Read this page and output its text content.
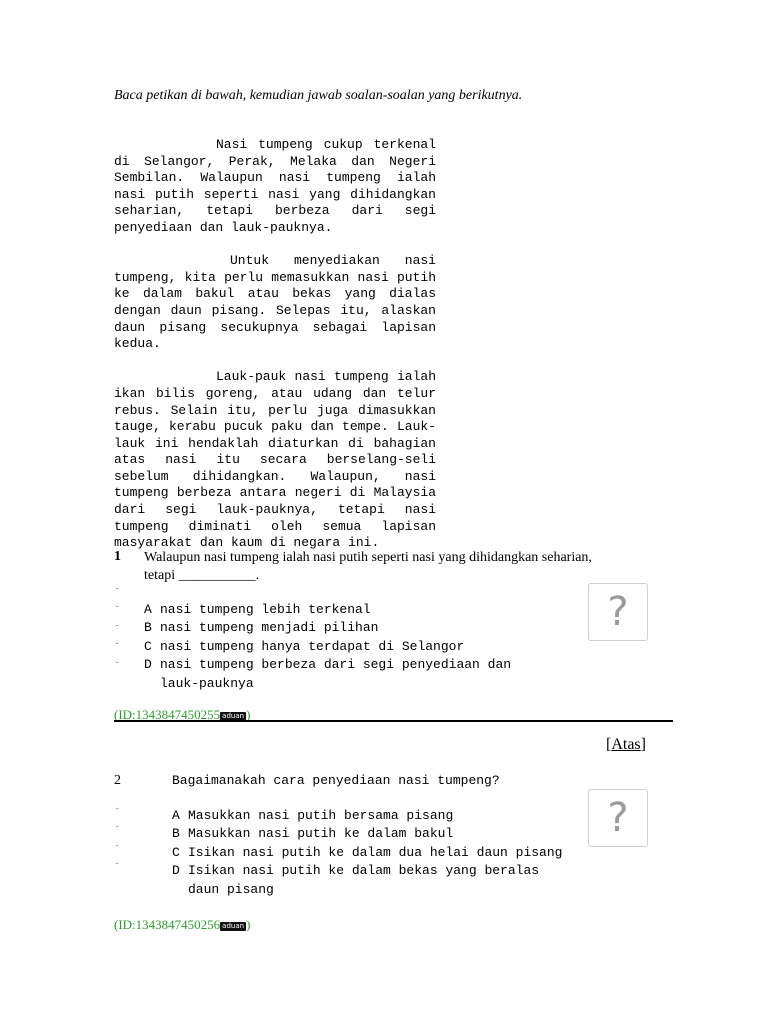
Baca petikan di bawah, kemudian jawab soalan-soalan yang berikutnya.

Nasi tumpeng cukup terkenal di Selangor, Perak, Melaka dan Negeri Sembilan. Walaupun nasi tumpeng ialah nasi putih seperti nasi yang dihidangkan seharian, tetapi berbeza dari segi penyediaan dan lauk-pauknya.

Untuk menyediakan nasi tumpeng, kita perlu memasukkan nasi putih ke dalam bakul atau bekas yang dialas dengan daun pisang. Selepas itu, alaskan daun pisang secukupnya sebagai lapisan kedua.

Lauk-pauk nasi tumpeng ialah ikan bilis goreng, atau udang dan telur rebus. Selain itu, perlu juga dimasukkan tauge, kerabu pucuk paku dan tempe. Lauk-lauk ini hendaklah diaturkan di bahagian atas nasi itu secara berselang-seli sebelum dihidangkan. Walaupun, nasi tumpeng berbeza antara negeri di Malaysia dari segi lauk-pauknya, tetapi nasi tumpeng diminati oleh semua lapisan masyarakat dan kaum di negara ini.

1 Walaupun nasi tumpeng ialah nasi putih seperti nasi yang dihidangkan seharian,
tetapi ___________.
.
.
.
.
.
A nasi tumpeng lebih terkenal
B nasi tumpeng menjadi pilihan
C nasi tumpeng hanya terdapat di Selangor
D nasi tumpeng berbeza dari segi penyediaan dan lauk-pauknya
?
(ID:1343847450255 aduan )
[Atas]
2	Bagaimanakah cara penyediaan nasi tumpeng?
.
.
.
.
A Masukkan nasi putih bersama pisang
B Masukkan nasi putih ke dalam bakul
C Isikan nasi putih ke dalam dua helai daun pisang
D Isikan nasi putih ke dalam bekas yang beralas daun pisang
?
(ID:1343847450256 aduan )
